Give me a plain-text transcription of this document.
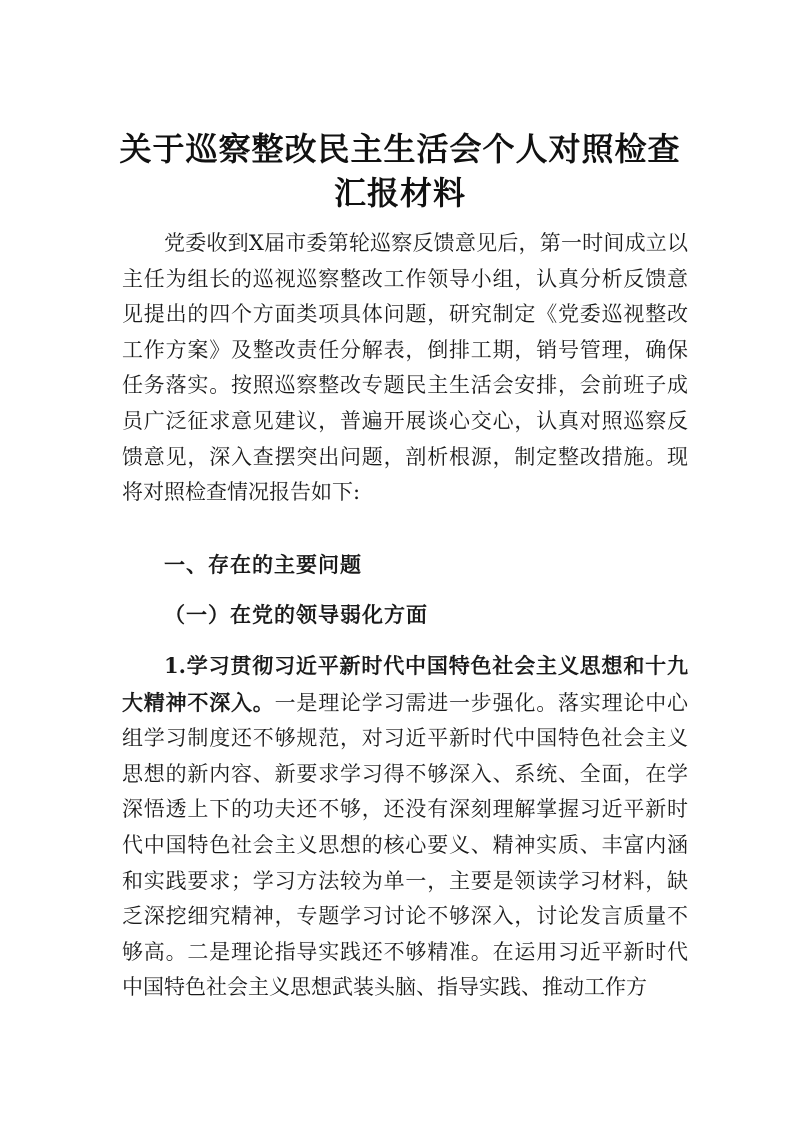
关于巡察整改民主生活会个人对照检查
汇报材料

党委收到X届市委第轮巡察反馈意见后，第一时间成立以主任为组长的巡视巡察整改工作领导小组，认真分析反馈意见提出的四个方面类项具体问题，研究制定《党委巡视整改工作方案》及整改责任分解表，倒排工期，销号管理，确保任务落实。按照巡察整改专题民主生活会安排，会前班子成员广泛征求意见建议，普遍开展谈心交心，认真对照巡察反馈意见，深入查摆突出问题，剖析根源，制定整改措施。现将对照检查情况报告如下:

一、存在的主要问题
（一）在党的领导弱化方面

1.学习贯彻习近平新时代中国特色社会主义思想和十九大精神不深入。一是理论学习需进一步强化。落实理论中心组学习制度还不够规范，对习近平新时代中国特色社会主义思想的新内容、新要求学习得不够深入、系统、全面，在学深悟透上下的功夫还不够，还没有深刻理解掌握习近平新时代中国特色社会主义思想的核心要义、精神实质、丰富内涵和实践要求；学习方法较为单一，主要是领读学习材料，缺乏深挖细究精神，专题学习讨论不够深入，讨论发言质量不够高。二是理论指导实践还不够精准。在运用习近平新时代中国特色社会主义思想武装头脑、指导实践、推动工作方
